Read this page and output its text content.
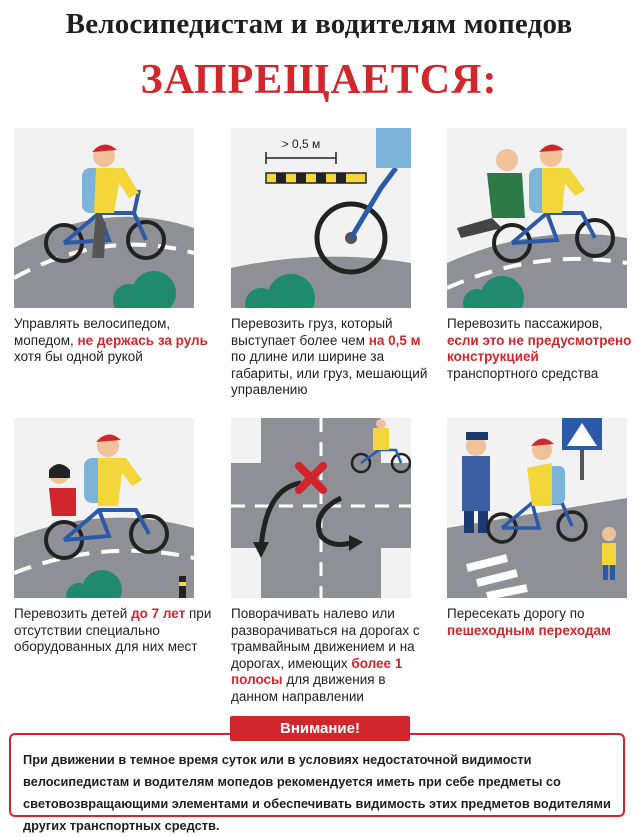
Велосипедистам и водителям мопедов
ЗАПРЕЩАЕТСЯ:
Управлять велосипедом, мопедом, не держась за руль хотя бы одной рукой
> 0,5 м
Перевозить груз, который выступает более чем на 0,5 м по длине или ширине за габариты, или груз, мешающий управлению
Перевозить пассажиров, если это не предусмотрено конструкцией транспортного средства
Перевозить детей до 7 лет при отсутствии специально оборудованных для них мест
Поворачивать налево или разворачиваться на дорогах с трамвайным движением и на дорогах, имеющих более 1 полосы для движения в данном направлении
Пересекать дорогу по пешеходным переходам
При движении в темное время суток или в условиях недостаточной видимости велосипедистам и водителям мопедов рекомендуется иметь при себе предметы со световозвращающими элементами и обеспечивать видимость этих предметов водителями других транспортных средств.
Внимание!
